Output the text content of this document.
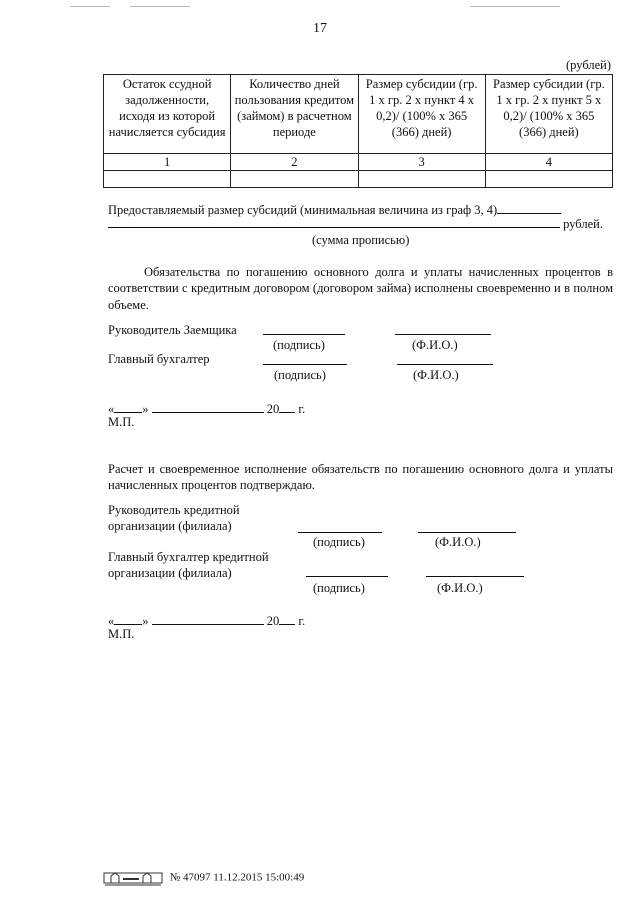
17
(рублей)
Остаток ссудной задолженности, исходя из которой начисляется субсидия	Количество дней пользования кредитом (займом) в расчетном периоде	Размер субсидии (гр. 1 х гр. 2 х пункт 4 х 0,2)/ (100% х 365 (366) дней)	Размер субсидии (гр. 1 х гр. 2 х пункт 5 х 0,2)/ (100% х 365 (366) дней)
1	2	3	4

Предоставляемый размер субсидий (минимальная величина из граф 3, 4)
рублей.
(сумма прописью)
Обязательства по погашению основного долга и уплаты начисленных процентов в соответствии с кредитным договором (договором займа) исполнены своевременно и в полном объеме.
Руководитель Заемщика
(подпись)	(Ф.И.О.)
Главный бухгалтер
(подпись)	(Ф.И.О.)
« »	20 г.
М.П.
Расчет и своевременное исполнение обязательств по погашению основного долга и уплаты начисленных процентов подтверждаю.
Руководитель кредитной
организации (филиала)
(подпись)	(Ф.И.О.)
Главный бухгалтер кредитной
организации (филиала)
(подпись)	(Ф.И.О.)
« »	20 г.
М.П.
№ 47097 11.12.2015 15:00:49
